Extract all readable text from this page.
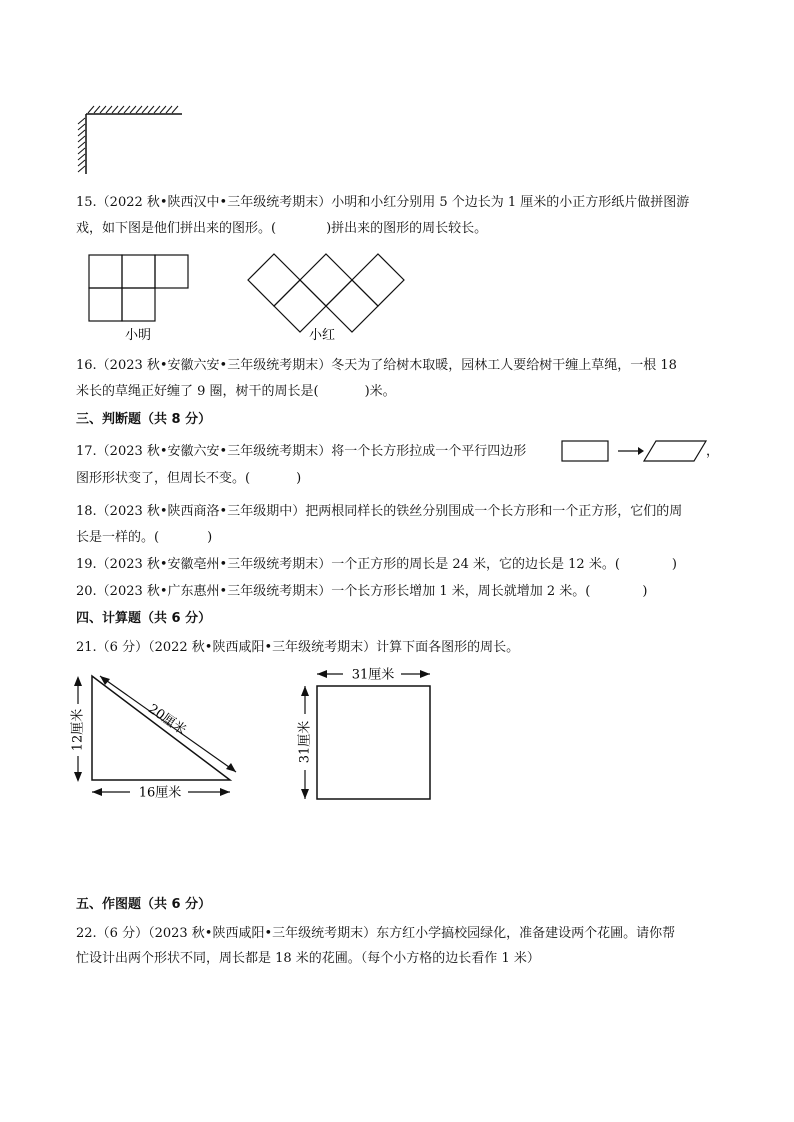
15.（2022 秋•陕西汉中•三年级统考期末）小明和小红分别用 5 个边长为 1 厘米的小正方形纸片做拼图游
戏，如下图是他们拼出来的图形。(	)拼出来的图形的周长较长。
小明	小红
16.（2023 秋•安徽六安•三年级统考期末）冬天为了给树木取暖，园林工人要给树干缠上草绳，一根 18
米长的草绳正好缠了 9 圈，树干的周长是(	)米。
三、判断题（共 8 分）
17.（2023 秋•安徽六安•三年级统考期末）将一个长方形拉成一个平行四边形	，
图形形状变了，但周长不变。(	)
18.（2023 秋•陕西商洛•三年级期中）把两根同样长的铁丝分别围成一个长方形和一个正方形，它们的周
长是一样的。(	)
19.（2023 秋•安徽亳州•三年级统考期末）一个正方形的周长是 24 米，它的边长是 12 米。(	)
20.（2023 秋•广东惠州•三年级统考期末）一个长方形长增加 1 米，周长就增加 2 米。(	)
四、计算题（共 6 分）
21.（6 分）（2022 秋•陕西咸阳•三年级统考期末）计算下面各图形的周长。
12厘米	20厘米
16厘米
31厘米
31厘米
五、作图题（共 6 分）
22.（6 分）（2023 秋•陕西咸阳•三年级统考期末）东方红小学搞校园绿化，准备建设两个花圃。请你帮
忙设计出两个形状不同，周长都是 18 米的花圃。（每个小方格的边长看作 1 米）
